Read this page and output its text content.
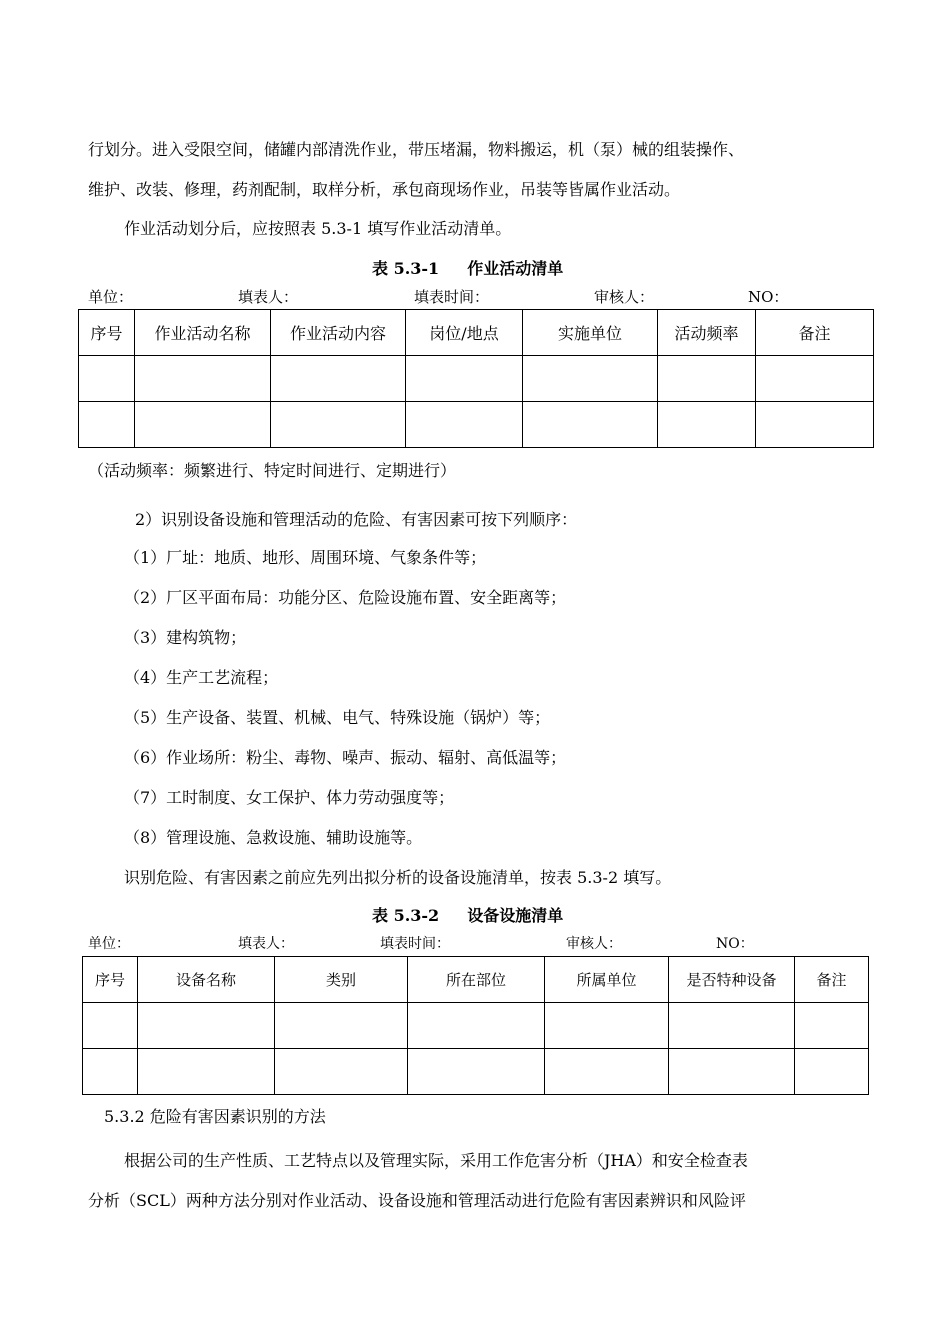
行划分。进入受限空间，储罐内部清洗作业，带压堵漏，物料搬运，机（泵）械的组装操作、
维护、改装、修理，药剂配制，取样分析，承包商现场作业，吊装等皆属作业活动。
作业活动划分后，应按照表 5.3-1 填写作业活动清单。
表 5.3-1 作业活动清单
单位：	填表人：	填表时间：	审核人：	NO：
序号	作业活动名称	作业活动内容	岗位/地点	实施单位	活动频率	备注

（活动频率：频繁进行、特定时间进行、定期进行）
2）识别设备设施和管理活动的危险、有害因素可按下列顺序：
（1）厂址：地质、地形、周围环境、气象条件等；
（2）厂区平面布局：功能分区、危险设施布置、安全距离等；
（3）建构筑物；
（4）生产工艺流程；
（5）生产设备、装置、机械、电气、特殊设施（锅炉）等；
（6）作业场所：粉尘、毒物、噪声、振动、辐射、高低温等；
（7）工时制度、女工保护、体力劳动强度等；
（8）管理设施、急救设施、辅助设施等。
识别危险、有害因素之前应先列出拟分析的设备设施清单，按表 5.3-2 填写。
表 5.3-2 设备设施清单
单位：	填表人：	填表时间：	审核人：	NO：
序号	设备名称	类别	所在部位	所属单位	是否特种设备	备注

5.3.2 危险有害因素识别的方法
根据公司的生产性质、工艺特点以及管理实际，采用工作危害分析（JHA）和安全检查表
分析（SCL）两种方法分别对作业活动、设备设施和管理活动进行危险有害因素辨识和风险评
